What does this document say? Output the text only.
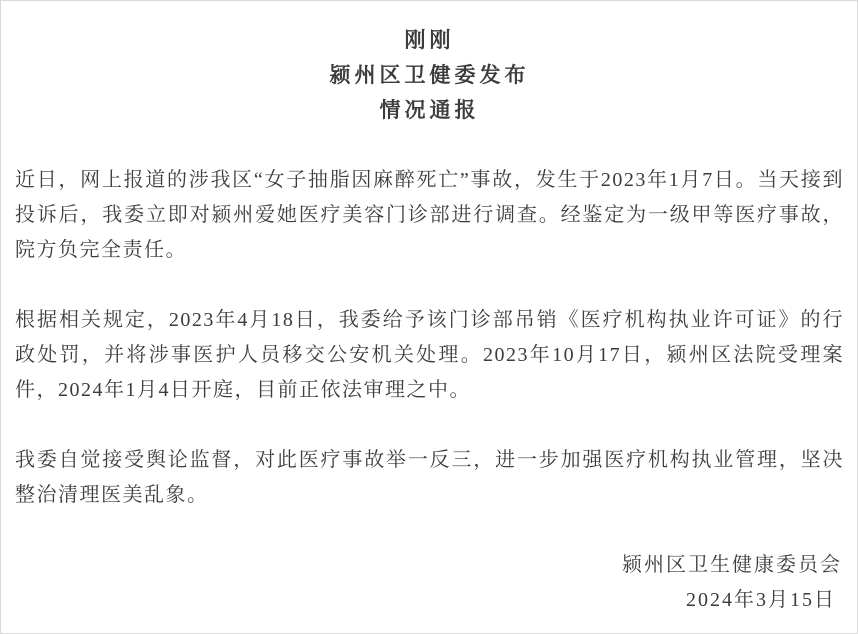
刚刚
颍州区卫健委发布
情况通报

近日，网上报道的涉我区“女子抽脂因麻醉死亡”事故，发生于2023年1月7日。当天接到投诉后，我委立即对颍州爱她医疗美容门诊部进行调查。经鉴定为一级甲等医疗事故，院方负完全责任。

根据相关规定，2023年4月18日，我委给予该门诊部吊销《医疗机构执业许可证》的行政处罚，并将涉事医护人员移交公安机关处理。2023年10月17日，颍州区法院受理案件，2024年1月4日开庭，目前正依法审理之中。

我委自觉接受舆论监督，对此医疗事故举一反三，进一步加强医疗机构执业管理，坚决整治清理医美乱象。

颍州区卫生健康委员会
2024年3月15日
